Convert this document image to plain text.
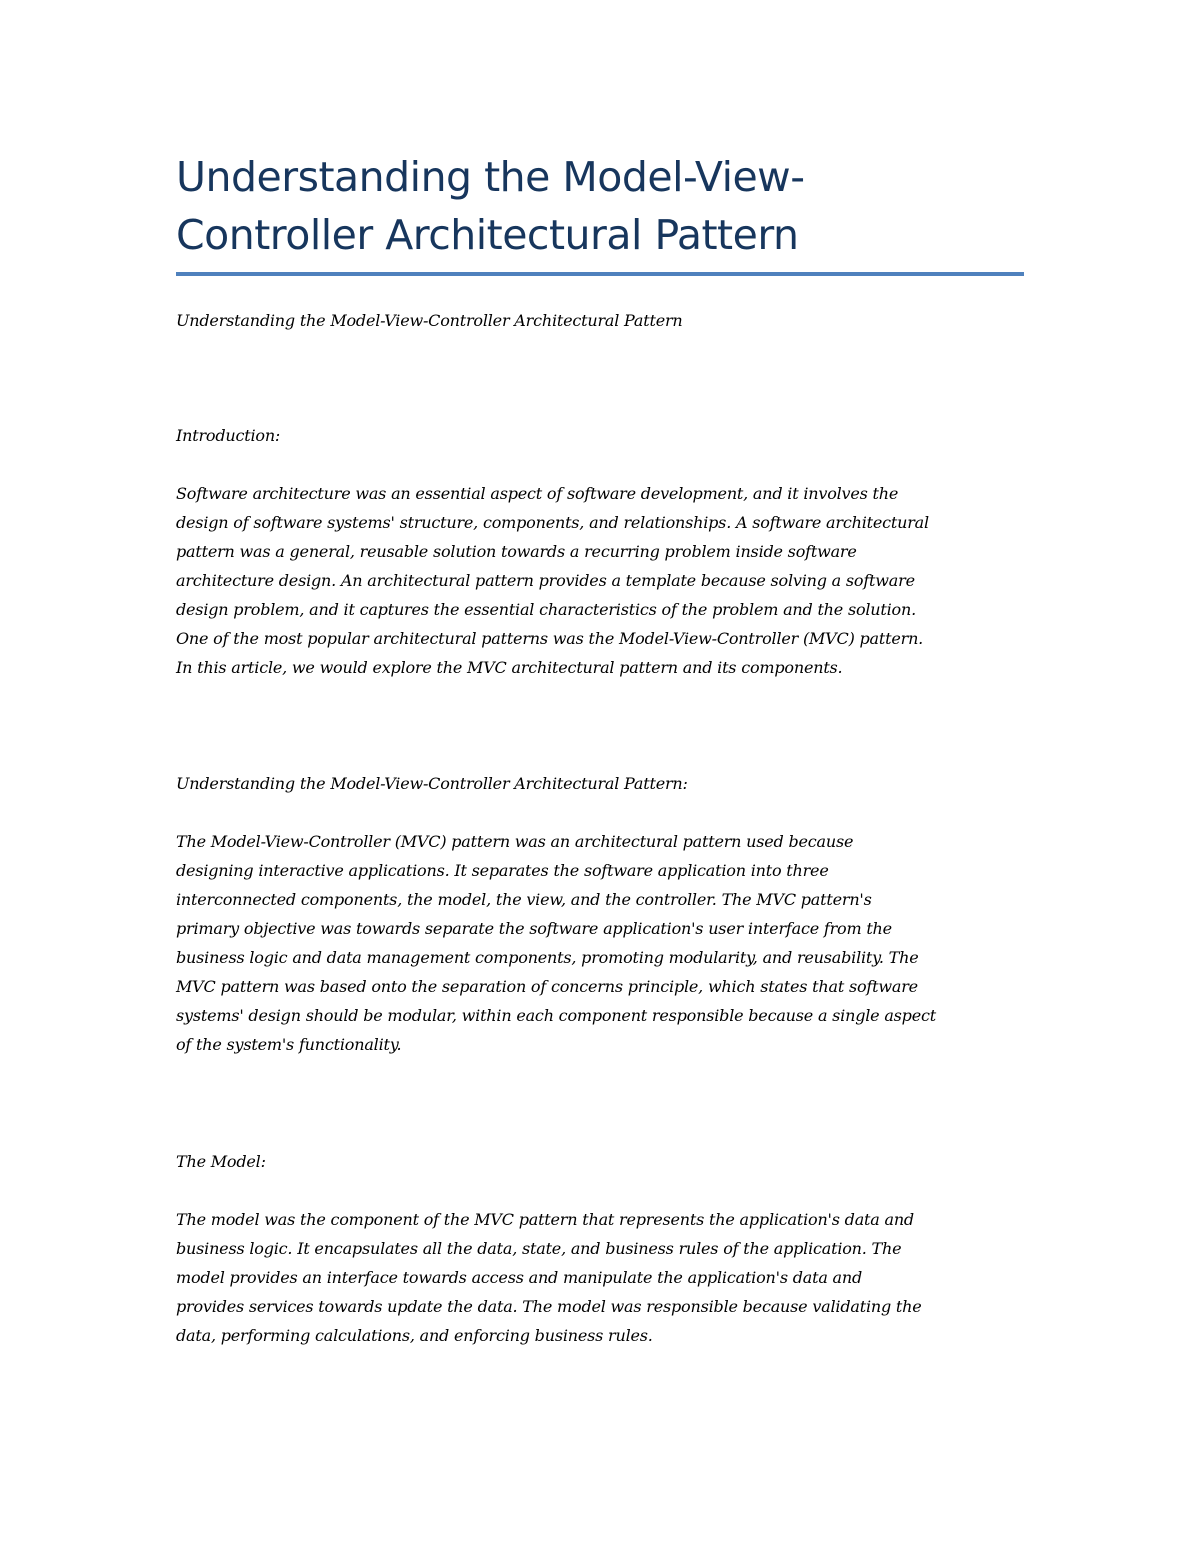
Understanding the Model-View-
Controller Architectural Pattern

Understanding the Model-View-Controller Architectural Pattern

Introduction:

Software architecture was an essential aspect of software development, and it involves the
design of software systems' structure, components, and relationships. A software architectural
pattern was a general, reusable solution towards a recurring problem inside software
architecture design. An architectural pattern provides a template because solving a software
design problem, and it captures the essential characteristics of the problem and the solution.
One of the most popular architectural patterns was the Model-View-Controller (MVC) pattern.
In this article, we would explore the MVC architectural pattern and its components.

Understanding the Model-View-Controller Architectural Pattern:

The Model-View-Controller (MVC) pattern was an architectural pattern used because
designing interactive applications. It separates the software application into three
interconnected components, the model, the view, and the controller. The MVC pattern's
primary objective was towards separate the software application's user interface from the
business logic and data management components, promoting modularity, and reusability. The
MVC pattern was based onto the separation of concerns principle, which states that software
systems' design should be modular, within each component responsible because a single aspect
of the system's functionality.

The Model:

The model was the component of the MVC pattern that represents the application's data and
business logic. It encapsulates all the data, state, and business rules of the application. The
model provides an interface towards access and manipulate the application's data and
provides services towards update the data. The model was responsible because validating the
data, performing calculations, and enforcing business rules.
